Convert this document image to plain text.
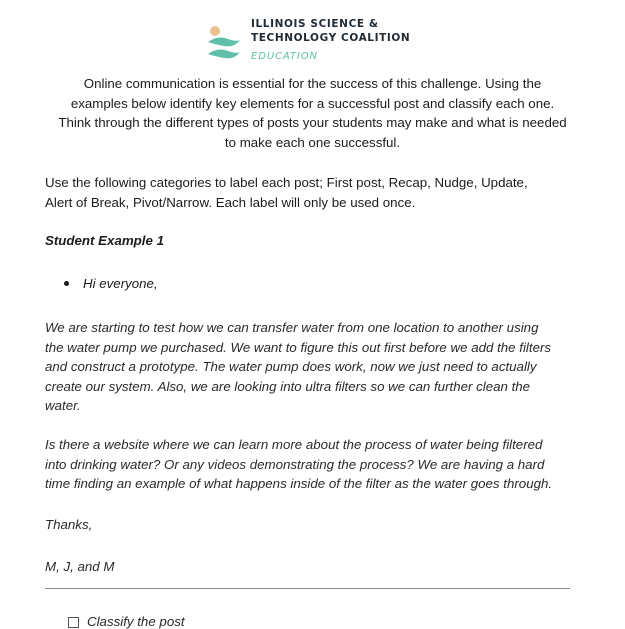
ILLINOIS SCIENCE &
TECHNOLOGY COALITION
EDUCATION

Online communication is essential for the success of this challenge. Using the
examples below identify key elements for a successful post and classify each one.
Think through the different types of posts your students may make and what is needed
to make each one successful.

Use the following categories to label each post; First post, Recap, Nudge, Update,
Alert of Break, Pivot/Narrow. Each label will only be used once.

Student Example 1

Hi everyone,

We are starting to test how we can transfer water from one location to another using
the water pump we purchased. We want to figure this out first before we add the filters
and construct a prototype. The water pump does work, now we just need to actually
create our system. Also, we are looking into ultra filters so we can further clean the
water.

Is there a website where we can learn more about the process of water being filtered
into drinking water? Or any videos demonstrating the process? We are having a hard
time finding an example of what happens inside of the filter as the water goes through.

Thanks,

M, J, and M

Classify the post
